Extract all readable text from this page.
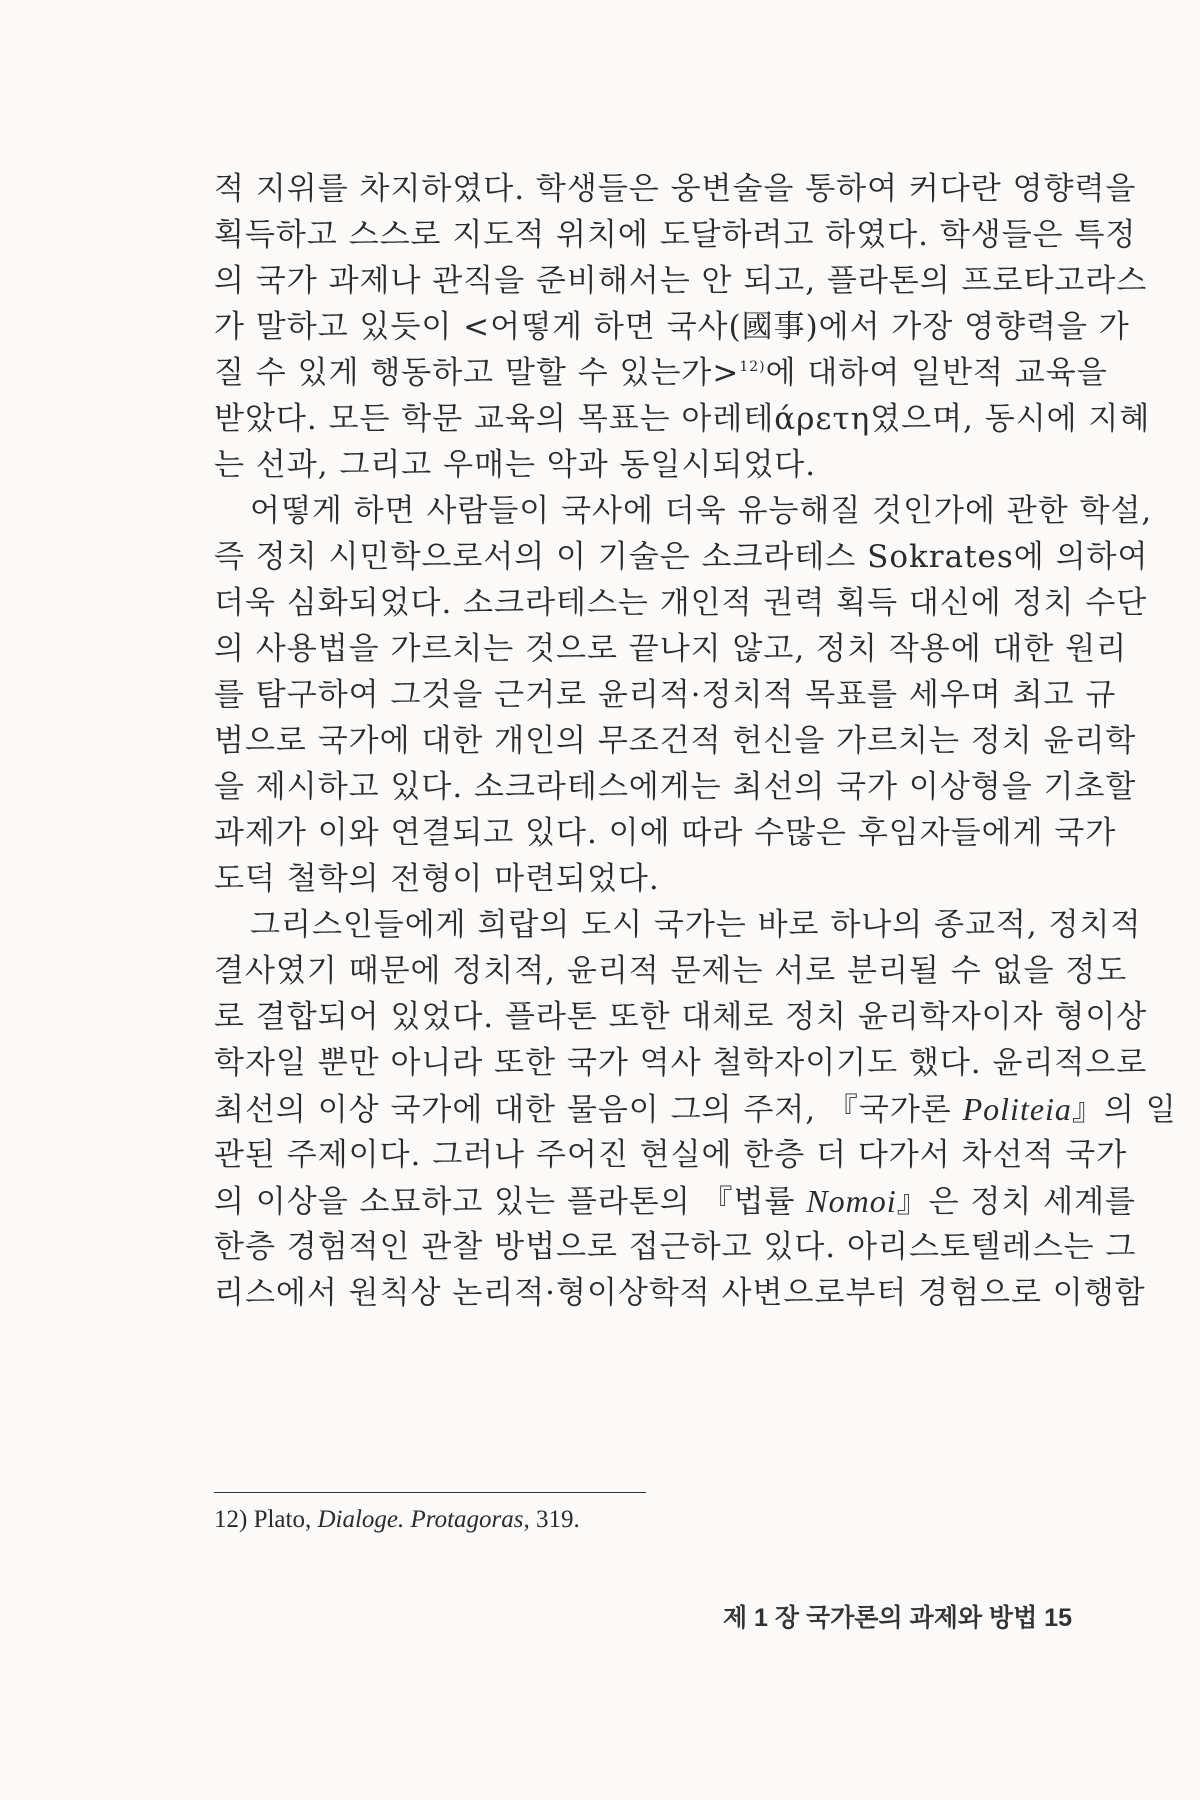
적 지위를 차지하였다. 학생들은 웅변술을 통하여 커다란 영향력을
획득하고 스스로 지도적 위치에 도달하려고 하였다. 학생들은 특정
의 국가 과제나 관직을 준비해서는 안 되고, 플라톤의 프로타고라스
가 말하고 있듯이 <어떻게 하면 국사(國事)에서 가장 영향력을 가
질 수 있게 행동하고 말할 수 있는가>$^{12)}$에 대하여 일반적 교육을
받았다. 모든 학문 교육의 목표는 아레테άρετη였으며, 동시에 지혜
는 선과, 그리고 우매는 악과 동일시되었다.
어떻게 하면 사람들이 국사에 더욱 유능해질 것인가에 관한 학설,
즉 정치 시민학으로서의 이 기술은 소크라테스 Sokrates에 의하여
더욱 심화되었다. 소크라테스는 개인적 권력 획득 대신에 정치 수단
의 사용법을 가르치는 것으로 끝나지 않고, 정치 작용에 대한 원리
를 탐구하여 그것을 근거로 윤리적·정치적 목표를 세우며 최고 규
범으로 국가에 대한 개인의 무조건적 헌신을 가르치는 정치 윤리학
을 제시하고 있다. 소크라테스에게는 최선의 국가 이상형을 기초할
과제가 이와 연결되고 있다. 이에 따라 수많은 후임자들에게 국가
도덕 철학의 전형이 마련되었다.
그리스인들에게 희랍의 도시 국가는 바로 하나의 종교적, 정치적
결사였기 때문에 정치적, 윤리적 문제는 서로 분리될 수 없을 정도
로 결합되어 있었다. 플라톤 또한 대체로 정치 윤리학자이자 형이상
학자일 뿐만 아니라 또한 국가 역사 철학자이기도 했다. 윤리적으로
최선의 이상 국가에 대한 물음이 그의 주저, 『국가론 Politeia』의 일
관된 주제이다. 그러나 주어진 현실에 한층 더 다가서 차선적 국가
의 이상을 소묘하고 있는 플라톤의 『법률 Nomoi』은 정치 세계를
한층 경험적인 관찰 방법으로 접근하고 있다. 아리스토텔레스는 그
리스에서 원칙상 논리적·형이상학적 사변으로부터 경험으로 이행함
12) Plato, Dialoge. Protagoras, 319.
제 1 장 국가론의 과제와 방법 15
